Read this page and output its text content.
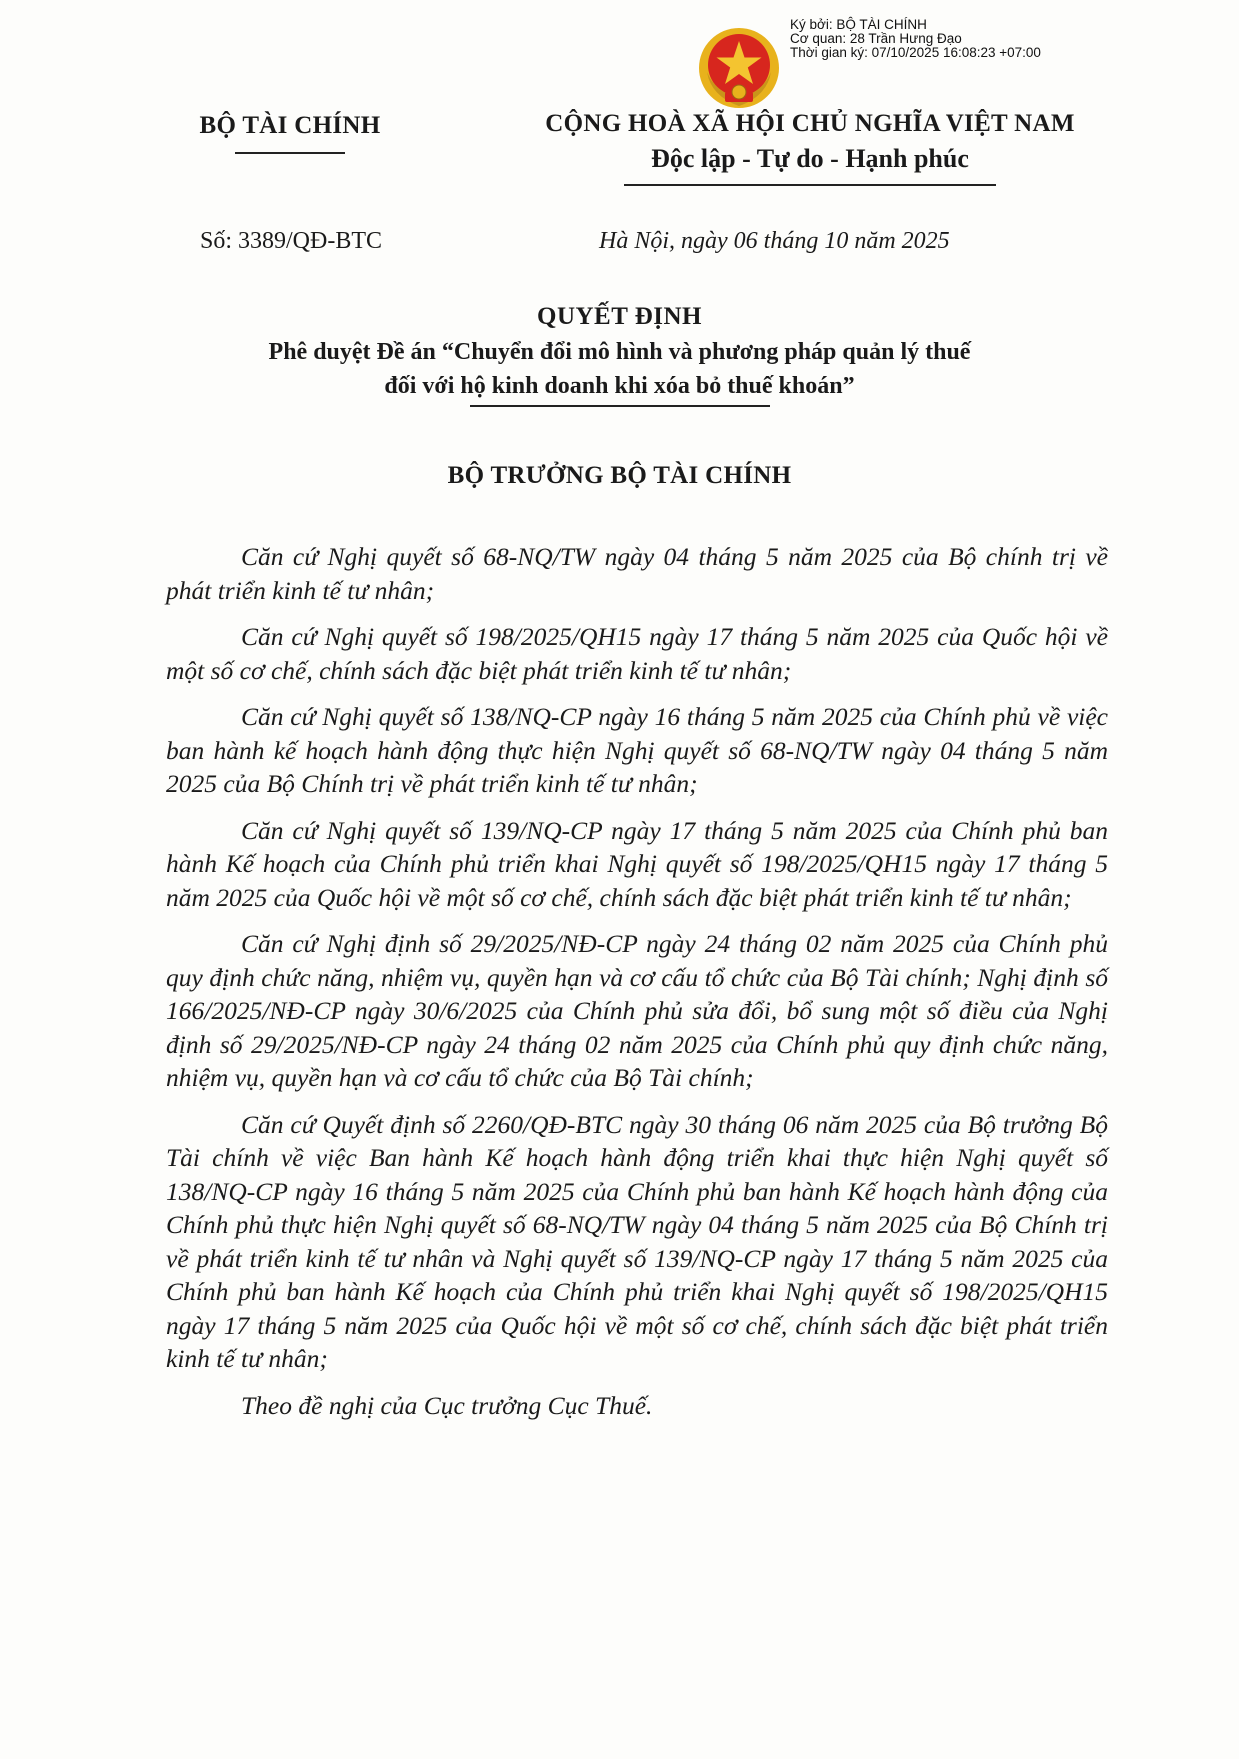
Ký bởi: BỘ TÀI CHÍNH
Cơ quan: 28 Trần Hưng Đạo
Thời gian ký: 07/10/2025 16:08:23 +07:00
BỘ TÀI CHÍNH	CỘNG HOÀ XÃ HỘI CHỦ NGHĨA VIỆT NAM
Độc lập - Tự do - Hạnh phúc
Số: 3389/QĐ-BTC	Hà Nội, ngày 06 tháng 10 năm 2025
QUYẾT ĐỊNH
Phê duyệt Đề án “Chuyển đổi mô hình và phương pháp quản lý thuế
đối với hộ kinh doanh khi xóa bỏ thuế khoán”
BỘ TRƯỞNG BỘ TÀI CHÍNH

Căn cứ Nghị quyết số 68-NQ/TW ngày 04 tháng 5 năm 2025 của Bộ chính trị về phát triển kinh tế tư nhân;

Căn cứ Nghị quyết số 198/2025/QH15 ngày 17 tháng 5 năm 2025 của Quốc hội về một số cơ chế, chính sách đặc biệt phát triển kinh tế tư nhân;

Căn cứ Nghị quyết số 138/NQ-CP ngày 16 tháng 5 năm 2025 của Chính phủ về việc ban hành kế hoạch hành động thực hiện Nghị quyết số 68-NQ/TW ngày 04 tháng 5 năm 2025 của Bộ Chính trị về phát triển kinh tế tư nhân;

Căn cứ Nghị quyết số 139/NQ-CP ngày 17 tháng 5 năm 2025 của Chính phủ ban hành Kế hoạch của Chính phủ triển khai Nghị quyết số 198/2025/QH15 ngày 17 tháng 5 năm 2025 của Quốc hội về một số cơ chế, chính sách đặc biệt phát triển kinh tế tư nhân;

Căn cứ Nghị định số 29/2025/NĐ-CP ngày 24 tháng 02 năm 2025 của Chính phủ quy định chức năng, nhiệm vụ, quyền hạn và cơ cấu tổ chức của Bộ Tài chính; Nghị định số 166/2025/NĐ-CP ngày 30/6/2025 của Chính phủ sửa đổi, bổ sung một số điều của Nghị định số 29/2025/NĐ-CP ngày 24 tháng 02 năm 2025 của Chính phủ quy định chức năng, nhiệm vụ, quyền hạn và cơ cấu tổ chức của Bộ Tài chính;

Căn cứ Quyết định số 2260/QĐ-BTC ngày 30 tháng 06 năm 2025 của Bộ trưởng Bộ Tài chính về việc Ban hành Kế hoạch hành động triển khai thực hiện Nghị quyết số 138/NQ-CP ngày 16 tháng 5 năm 2025 của Chính phủ ban hành Kế hoạch hành động của Chính phủ thực hiện Nghị quyết số 68-NQ/TW ngày 04 tháng 5 năm 2025 của Bộ Chính trị về phát triển kinh tế tư nhân và Nghị quyết số 139/NQ-CP ngày 17 tháng 5 năm 2025 của Chính phủ ban hành Kế hoạch của Chính phủ triển khai Nghị quyết số 198/2025/QH15 ngày 17 tháng 5 năm 2025 của Quốc hội về một số cơ chế, chính sách đặc biệt phát triển kinh tế tư nhân;

Theo đề nghị của Cục trưởng Cục Thuế.
